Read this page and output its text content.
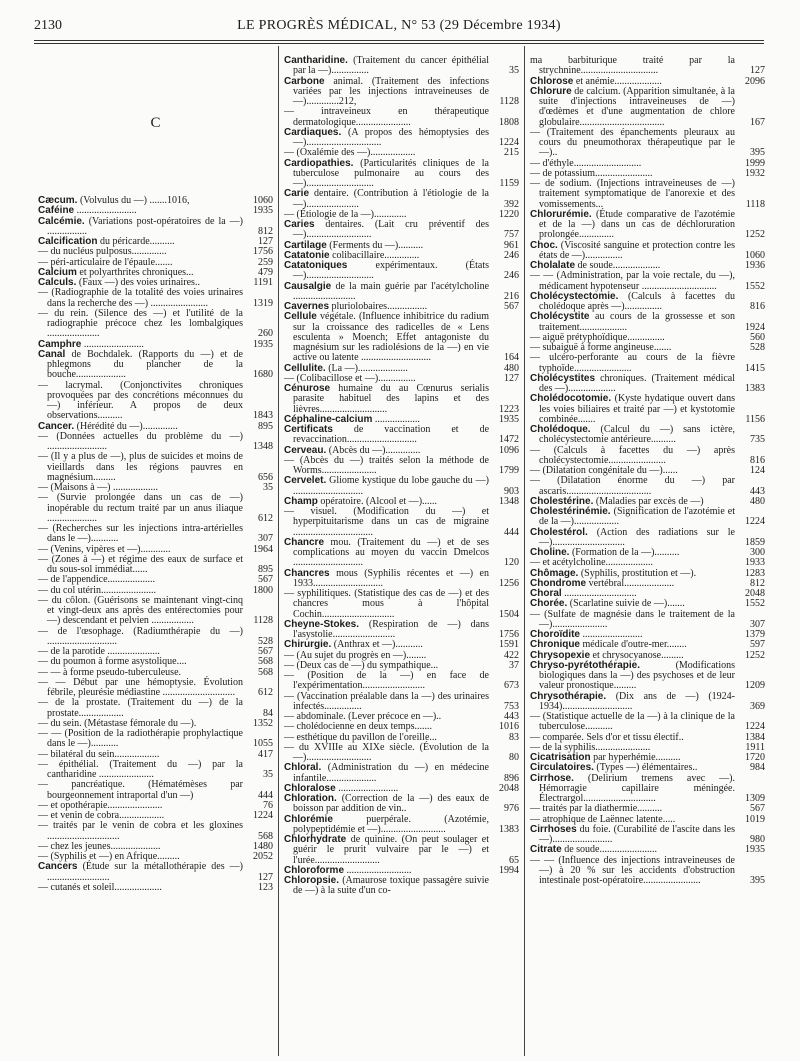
2130	LE PROGRÈS MÉDICAL, N° 53 (29 Décembre 1934)
C
Cæcum. (Volvulus du —) .......1016,	1060
Caféine ........................	1935
Calcémie. (Variations post-opératoires de la —) ................	812
Calcification du péricarde..........	127
— du nucléus pulposus..............	1756
— péri-articulaire de l'épaule.......	259
Calcium et polyarthrites chroniques...	479
Calculs. (Faux —) des voies urinaires..	1191
— (Radiographie de la totalité des voies urinaires dans la recherche des —) .......................	1319
— du rein. (Silence des —) et l'utilité de la radiographie précoce chez les lombalgiques .....................	260
Camphre ........................	1935
Canal de Bochdalek. (Rapports du —) et de phlegmons du plancher de la bouche....................	1680
— lacrymal. (Conjonctivites chroniques provoquées par des concrétions méconnues du —) inférieur. A propos de deux observations..........	1843
Cancer. (Hérédité du —)..............	895
— (Données actuelles du problème du —) ........................	1348
— (Il y a plus de —), plus de suicides et moins de vieillards dans les régions pauvres en magnésium.........	656
— (Maisons à —) ..................	35
— (Survie prolongée dans un cas de —) inopérable du rectum traité par un anus iliaque ....................	612
— (Recherches sur les injections intra-artérielles dans le —)...........	307
— (Venins, vipères et —)............	1964
— (Zones à —) et régime des eaux de surface et du sous-sol immédiat......	895
— de l'appendice...................	567
— du col utérin......................	1800
— du côlon. (Guérisons se maintenant vingt-cinq et vingt-deux ans après des entérectomies pour —) descendant et pelvien .................	1128
— de l'œsophage. (Radiumthérapie du —) ............................	528
— de la parotide .....................	567
— du poumon à forme asystolique....	568
— — à forme pseudo-tuberculeuse.	568
— — Début par une hémoptysie. Évolution fébrile, pleurésie médiastine ............................. 612
— de la prostate. (Traitement du —) de la prostate..................	84
— du sein. (Métastase fémorale du —).	1352
— — (Position de la radiothérapie prophylactique dans le —)...........	1055
— bilatéral du sein..................	417
— épithélial. (Traitement du —) par la cantharidine ......................	35
— pancréatique. (Hématémèses par bourgeonnement intraportal d'un —)	444
— et opothérapie......................	76
— et venin de cobra..................	1224
— traités par le venin de cobra et les gloxines .............................	568
— chez les jeunes....................	1480
— (Syphilis et —) en Afrique.........	2052
Cancers (Étude sur la métallothérapie des —) .........................	127
— cutanés et soleil...................	123
Cantharidine. (Traitement du cancer épithélial par la —)...............	35
Carbone animal. (Traitement des infections variées par les injections intraveineuses de —).............212,	1128
— intraveineux en thérapeutique dermatologique......................	1808
Cardiaques. (A propos des hémoptysies des —)..............................	1224
— (Oxalémie des —)..................	215
Cardiopathies. (Particularités cliniques de la tuberculose pulmonaire au cours des —)...........................	1159
Carie dentaire. (Contribution à l'étiologie de la —).....................	392
— (Étiologie de la —).............	1220
Caries dentaires. (Lait cru préventif des —)..........................	757
Cartilage (Ferments du —)..........	961
Catatonie colibacillaire..............	246
Catatoniques	expérimentaux. (États —)...........................	246
Causalgie de la main guérie par l'acétylcholine .........................	216
Cavernes pluriolobaires................	567
Cellule végétale. (Influence inhibitrice du radium sur la croissance des radicelles de « Lens esculenta » Moench; Effet antagoniste du magnésium sur les radiolésions de la —) en vie active ou latente ............................	164
Cellulite. (La —)....................	480
— (Colibacillose et —)...............	127
Cénurose humaine du au Cœnurus serialis parasite habituel des lapins et des lièvres...........................	1223
Céphaline-calcium ..................	1935
Certificats de vaccination et de revaccination............................	1472
Cerveau. (Abcès du —)..............	1096
— (Abcès du —) traités selon la méthode de Worms......................	1799
Cervelet. Gliome kystique du lobe gauche du —) ............................	903
Champ opératoire. (Alcool et —)......	1348
— visuel. (Modification du —) et hyperpituitarisme dans un cas de migraine ................................	444
Chancre mou. (Traitement du —) et de ses complications au moyen du vaccin Dmelcos ............................	120
Chancres mous (Syphilis récentes et —) en 1933............................	1256
— syphilitiques. (Statistique des cas de —) et des chancres mous à l'hôpital Cochin.............................	1504
Cheyne-Stokes. (Respiration de —) dans l'asystolie.........................	1756
Chirurgie. (Anthrax et —)...........	1591
— (Au sujet du progrès en —)........	422
— (Deux cas de —) du sympathique...	37
— (Position de la —) en face de l'expérimentation.........................	673
— (Vaccination préalable dans la —) des urinaires infectés...............	753
— abdominale. (Lever précoce en —)..	443
— cholédocienne en deux temps.......	1016
— esthétique du pavillon de l'oreille...	83
— du XVIIIe au XIXe siècle. (Évolution de la —)..........................	80
Chloral. (Administration du —) en médecine infantile....................	896
Chloralose ........................	2048
Chloration. (Correction de la —) des eaux de boisson par addition de vin..	976
Chlorémie	puerpérale. (Azotémie, polypeptidémie et —)..........................	1383
Chlorhydrate de quinine. (On peut soulager et guérir le prurit vulvaire par le —) et l'urée..........................	65
Chloroforme ..........................	1994
Chloropsie. (Amaurose toxique passagère suivie de —) à la suite d'un co-
ma barbiturique traité par la strychnine...............................	127
Chlorose et anémie...................	2096
Chlorure de calcium. (Apparition simultanée, à la suite d'injections intraveineuses de —) d'œdèmes et d'une augmentation de chlore globulaire..................................	167
— (Traitement des épanchements pleuraux au cours du pneumothorax thérapeutique par le —)..	395
— d'éthyle...........................	1999
— de potassium.......................	1932
— de sodium. (Injections intraveineuses de —) traitement symptomatique de l'anorexie et des vomissements...	1118
Chlorurémie. (Étude comparative de l'azotémie et de la —) dans un cas de déchloruration prolongée..............	1252
Choc. (Viscosité sanguine et protection contre les états de —)...............	1060
Cholalate de soude...................	1936
— — (Administration, par la voie rectale, du —), médicament hypotenseur ..............................	1552
Cholécystectomie. (Calculs à facettes du cholédoque après —)...............	816
Cholécystite au cours de la grossesse et son traitement...................	1924
— aiguë prétyphoïdique...............	560
— subaiguë à forme angineuse.......	528
— ulcéro-perforante au cours de la fièvre typhoïde.......................	1415
Cholécystites chroniques. (Traitement médical des —)...................	1383
Cholédocotomie. (Kyste hydatique ouvert dans les voies biliaires et traité par —) et kystotomie combinée.......	1156
Cholédoque. (Calcul du —) sans ictère, cholécystectomie antérieure..........	735
— (Calculs à facettes du —) après cholécystectomie.......................	816
— (Dilatation congénitale du —)......	124
— (Dilatation énorme du —) par ascaris..................................	443
Cholestérine. (Maladies par excès de —)	480
Cholestérinémie. (Signification de l'azotémie et de la —)..................	1224
Cholestérol. (Action des radiations sur le —).............................	1859
Choline. (Formation de la —)..........	300
— et acétylcholine...................	1933
Chômage. (Syphilis, prostitution et —).	1283
Chondrome vertébral....................	812
Choral .............................	2048
Chorée. (Scarlatine suivie de —).......	1552
— (Sulfate de magnésie dans le traitement de la —)......................	307
Choroïdite ........................	1379
Chronique médicale d'outre-mer........	597
Chrysopexie et chrysocyanose.........	1252
Chryso-pyrétothérapie.	(Modifications biologiques dans la —) des psychoses et de leur valeur pronostique.........	1209
Chrysothérapie. (Dix ans de —) (1924-1934)............................	369
— (Statistique actuelle de la —) à la clinique de la tuberculose...........	1224
— comparée. Sels d'or et tissu électif..	1384
— de la syphilis......................	1911
Cicatrisation par hyperhémie..........	1720
Circulatoires. (Types —) élémentaires..	984
Cirrhose. (Delirium tremens avec —). Hémorragie capillaire méningée. Électrargol.............................	1309
— traités par la diathermie..........	567
— atrophique de Laënnec latente.....	1019
Cirrhoses du foie. (Curabilité de l'ascite dans les —)........................	980
Citrate de soude.......................	1935
— — (Influence des injections intraveineuses de —) à 20 % sur les accidents d'obstruction intestinale post-opératoire.......................	395
